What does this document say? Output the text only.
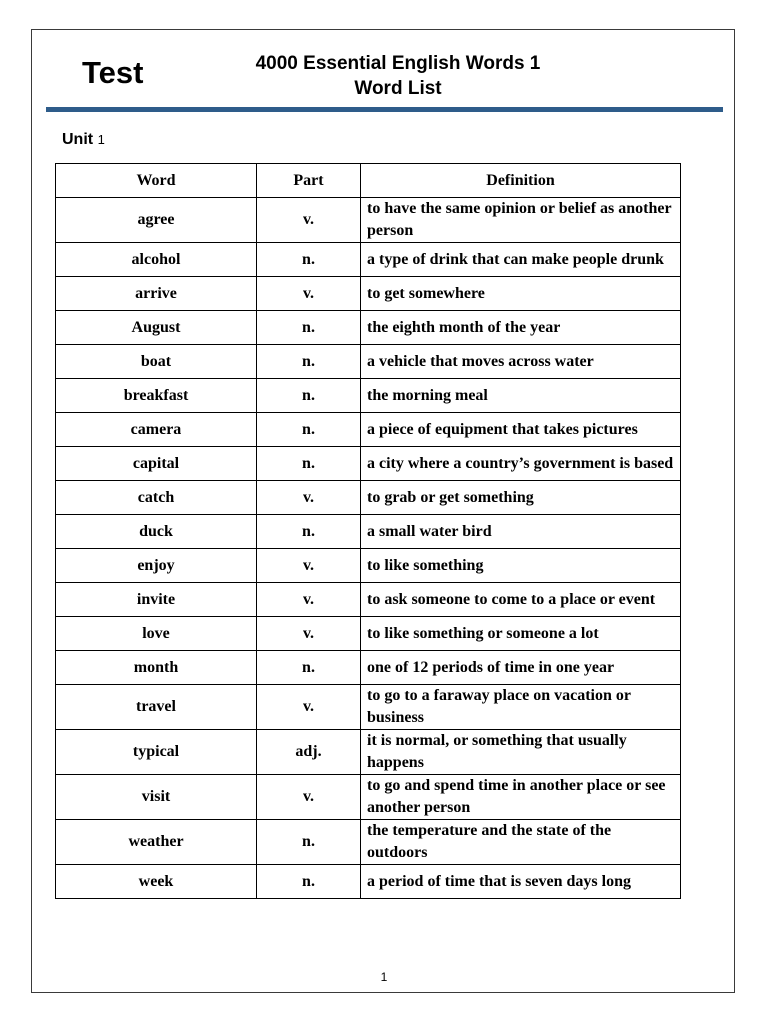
Test	4000 Essential English Words 1
Word List
Unit 1
Word	Part	Definition
agree	v.	to have the same opinion or belief as another person
alcohol	n.	a type of drink that can make people drunk
arrive	v.	to get somewhere
August	n.	the eighth month of the year
boat	n.	a vehicle that moves across water
breakfast	n.	the morning meal
camera	n.	a piece of equipment that takes pictures
capital	n.	a city where a country’s government is based
catch	v.	to grab or get something
duck	n.	a small water bird
enjoy	v.	to like something
invite	v.	to ask someone to come to a place or event
love	v.	to like something or someone a lot
month	n.	one of 12 periods of time in one year
travel	v.	to go to a faraway place on vacation or business
typical	adj.	it is normal, or something that usually happens
visit	v.	to go and spend time in another place or see another person
weather	n.	the temperature and the state of the outdoors
week	n.	a period of time that is seven days long
1
